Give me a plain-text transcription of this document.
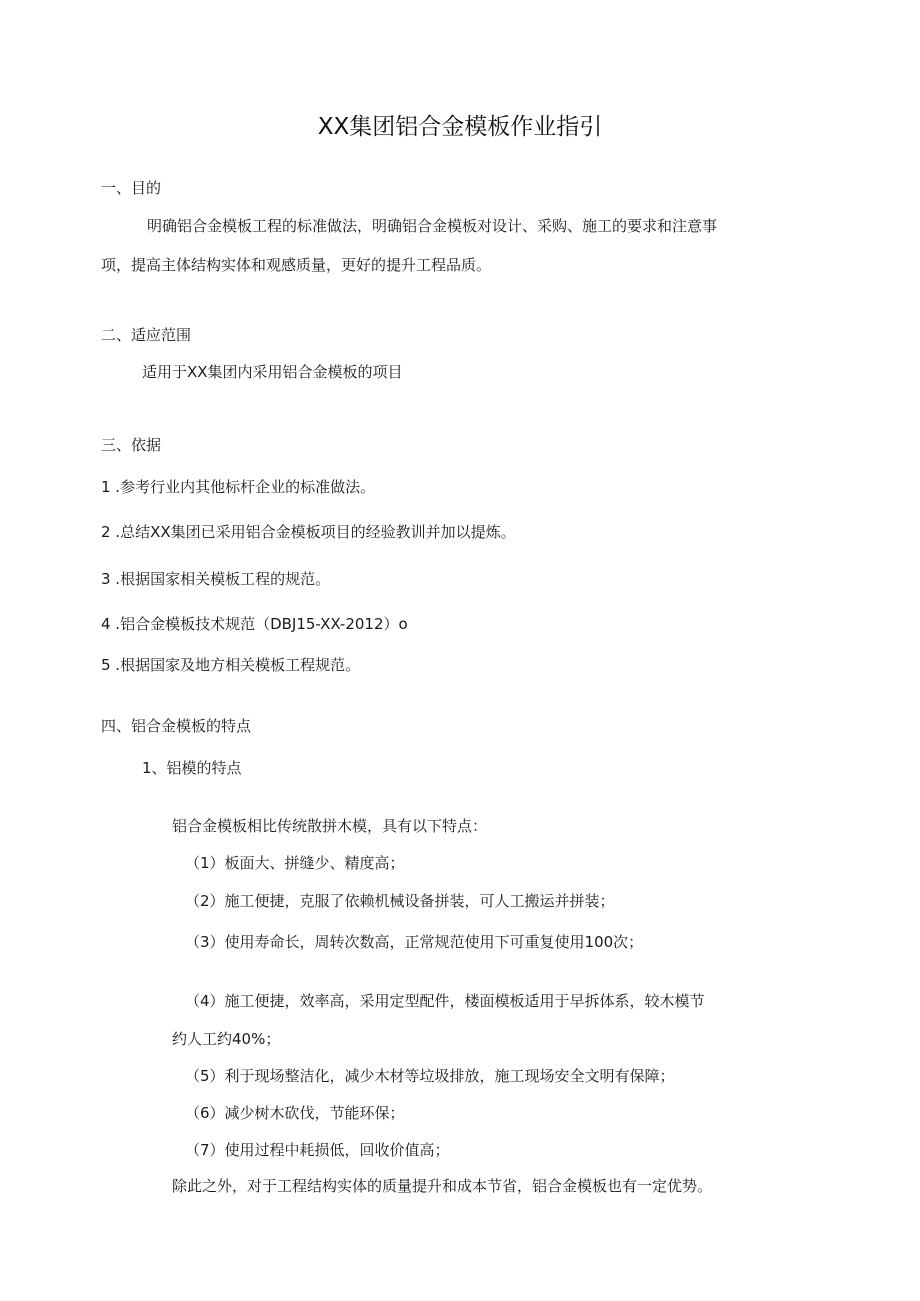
XX集团铝合金模板作业指引
一、目的
明确铝合金模板工程的标准做法，明确铝合金模板对设计、采购、施工的要求和注意事
项，提高主体结构实体和观感质量，更好的提升工程品质。
二、适应范围
适用于XX集团内采用铝合金模板的项目
三、依据
1 .参考行业内其他标杆企业的标准做法。
2 .总结XX集团已采用铝合金模板项目的经验教训并加以提炼。
3 .根据国家相关模板工程的规范。
4 .铝合金模板技术规范（DBJ15-XX-2012）o
5 .根据国家及地方相关模板工程规范。
四、铝合金模板的特点
1、铝模的特点
铝合金模板相比传统散拼木模，具有以下特点：
（1）板面大、拼缝少、精度高；
（2）施工便捷，克服了依赖机械设备拼装，可人工搬运并拼装；
（3）使用寿命长，周转次数高，正常规范使用下可重复使用100次；
（4）施工便捷，效率高，采用定型配件，楼面模板适用于早拆体系，较木模节
约人工约40%；
（5）利于现场整洁化，减少木材等垃圾排放，施工现场安全文明有保障；
（6）减少树木砍伐，节能环保；
（7）使用过程中耗损低，回收价值高；
除此之外，对于工程结构实体的质量提升和成本节省，铝合金模板也有一定优势。
